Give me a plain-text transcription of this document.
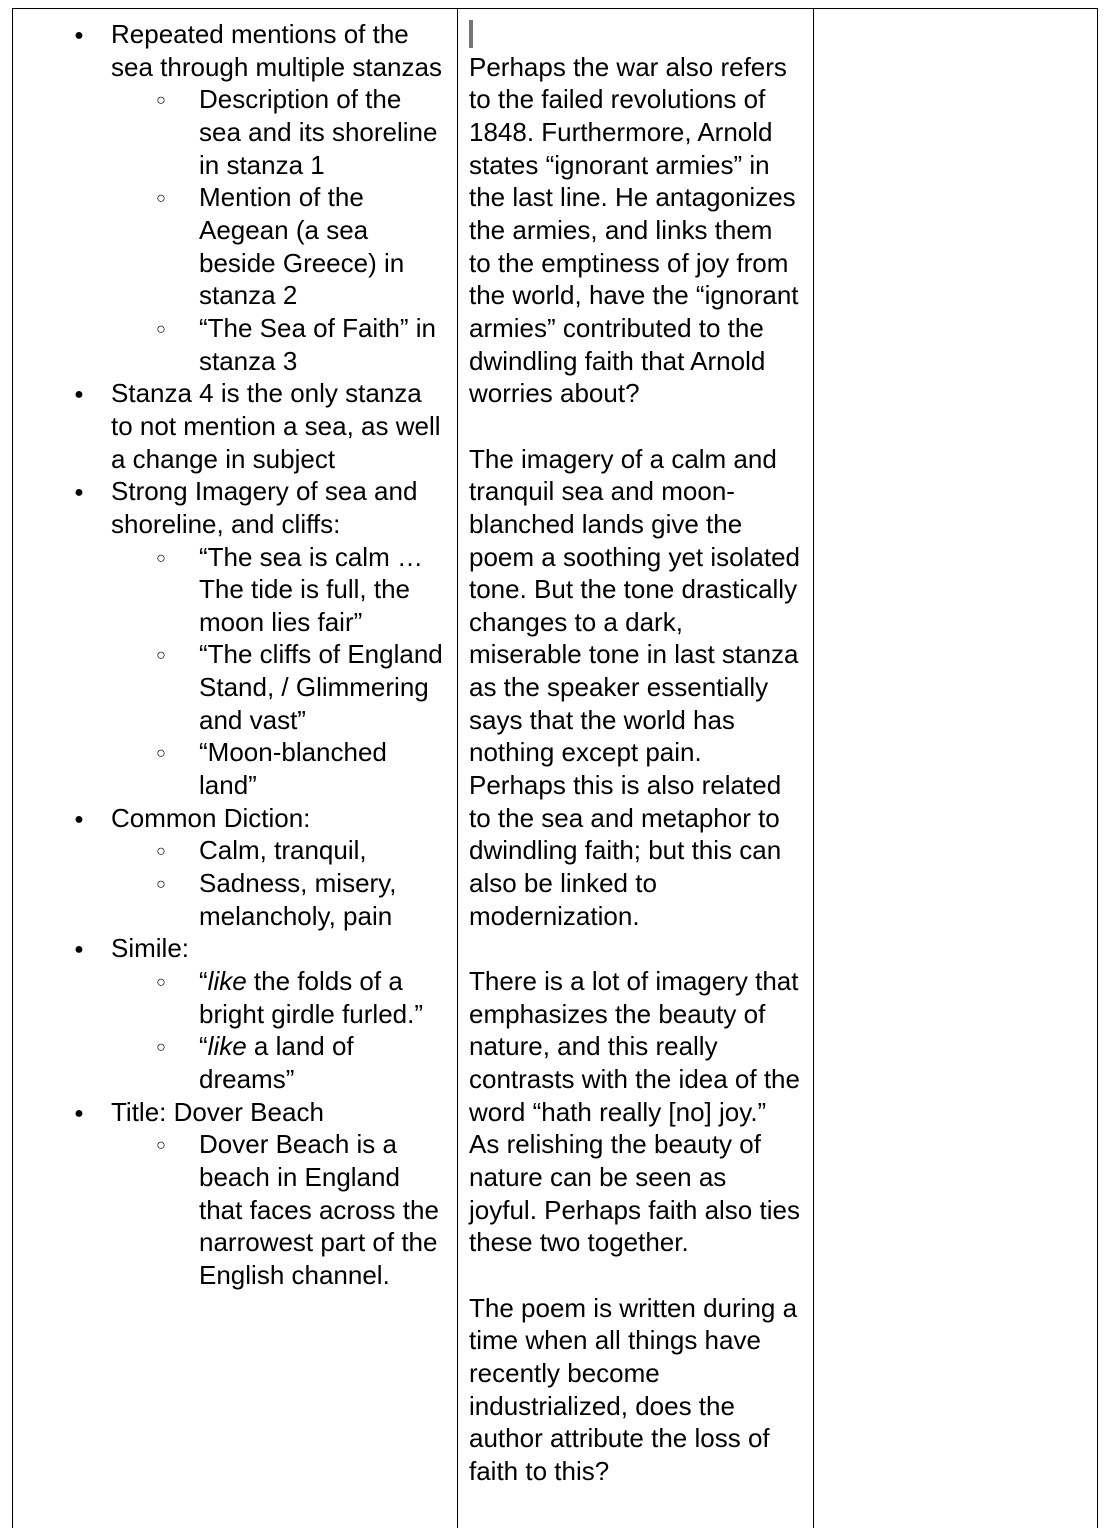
● Repeated mentions of the sea through multiple stanzas
○ Description of the sea and its shoreline in stanza 1
○ Mention of the Aegean (a sea beside Greece) in stanza 2
○ “The Sea of Faith” in stanza 3
● Stanza 4 is the only stanza to not mention a sea, as well a change in subject
● Strong Imagery of sea and shoreline, and cliffs:
○ “The sea is calm … The tide is full, the moon lies fair”
○ “The cliffs of England Stand, / Glimmering and vast”
○ “Moon-blanched land”
● Common Diction:
○ Calm, tranquil,
○ Sadness, misery, melancholy, pain
● Simile:
○ “like the folds of a bright girdle furled.”
○ “like a land of dreams”
● Title: Dover Beach
○ Dover Beach is a beach in England that faces across the narrowest part of the English channel.
Perhaps the war also refers to the failed revolutions of 1848. Furthermore, Arnold states “ignorant armies” in the last line. He antagonizes the armies, and links them to the emptiness of joy from the world, have the “ignorant armies” contributed to the dwindling faith that Arnold worries about?
The imagery of a calm and tranquil sea and moon-blanched lands give the poem a soothing yet isolated tone. But the tone drastically changes to a dark, miserable tone in last stanza as the speaker essentially says that the world has nothing except pain. Perhaps this is also related to the sea and metaphor to dwindling faith; but this can also be linked to modernization.
There is a lot of imagery that emphasizes the beauty of nature, and this really contrasts with the idea of the word “hath really [no] joy.” As relishing the beauty of nature can be seen as joyful. Perhaps faith also ties these two together.
The poem is written during a time when all things have recently become industrialized, does the author attribute the loss of faith to this?
